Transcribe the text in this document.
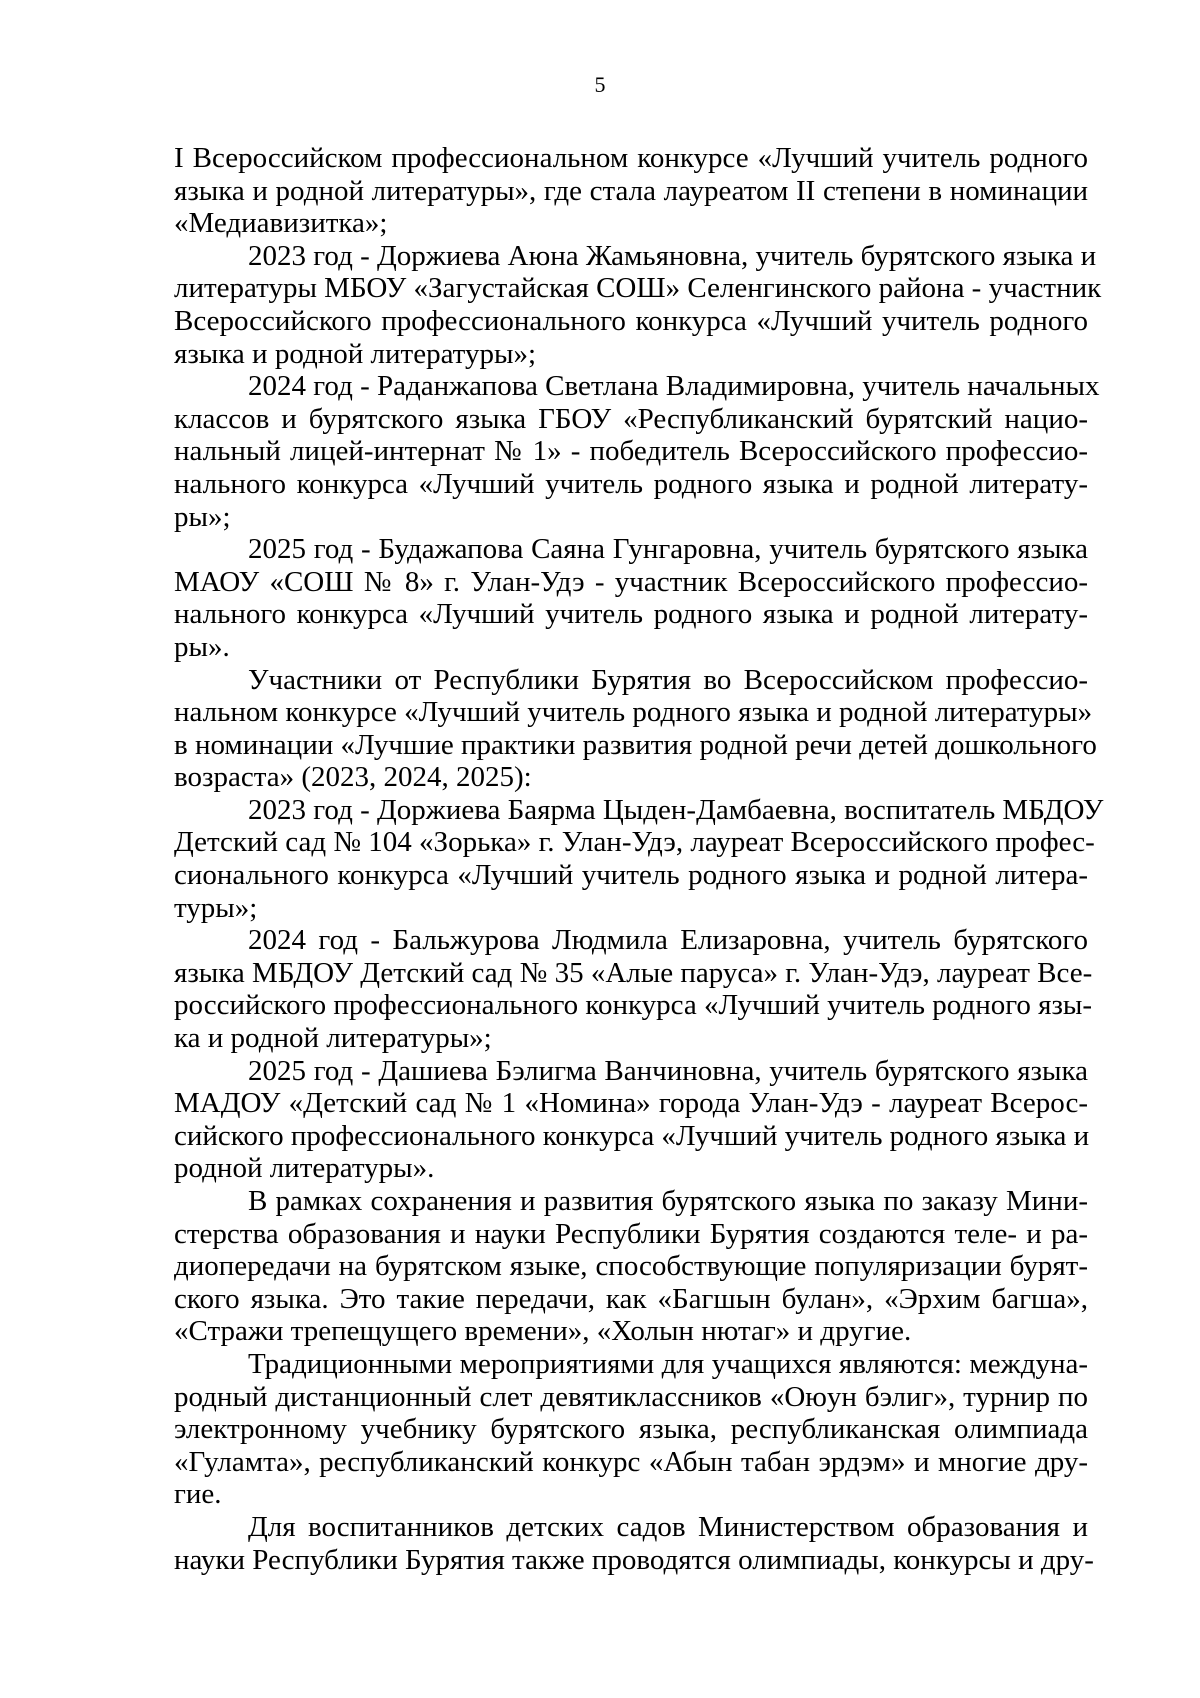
5
I Всероссийском профессиональном конкурсе «Лучший учитель родного
языка и родной литературы», где стала лауреатом II степени в номинации
«Медиавизитка»;
2023 год - Доржиева Аюна Жамьяновна, учитель бурятского языка и
литературы МБОУ «Загустайская СОШ» Селенгинского района - участник
Всероссийского профессионального конкурса «Лучший учитель родного
языка и родной литературы»;
2024 год - Раданжапова Светлана Владимировна, учитель начальных
классов и бурятского языка ГБОУ «Республиканский бурятский нацио-
нальный лицей-интернат № 1» - победитель Всероссийского профессио-
нального конкурса «Лучший учитель родного языка и родной литерату-
ры»;
2025 год - Будажапова Саяна Гунгаровна, учитель бурятского языка
МАОУ «СОШ № 8» г. Улан-Удэ - участник Всероссийского профессио-
нального конкурса «Лучший учитель родного языка и родной литерату-
ры».
Участники от Республики Бурятия во Всероссийском профессио-
нальном конкурсе «Лучший учитель родного языка и родной литературы»
в номинации «Лучшие практики развития родной речи детей дошкольного
возраста» (2023, 2024, 2025):
2023 год - Доржиева Баярма Цыден-Дамбаевна, воспитатель МБДОУ
Детский сад № 104 «Зорька» г. Улан-Удэ, лауреат Всероссийского профес-
сионального конкурса «Лучший учитель родного языка и родной литера-
туры»;
2024 год - Бальжурова Людмила Елизаровна, учитель бурятского
языка МБДОУ Детский сад № 35 «Алые паруса» г. Улан-Удэ, лауреат Все-
российского профессионального конкурса «Лучший учитель родного язы-
ка и родной литературы»;
2025 год - Дашиева Бэлигма Ванчиновна, учитель бурятского языка
МАДОУ «Детский сад № 1 «Номина» города Улан-Удэ - лауреат Всерос-
сийского профессионального конкурса «Лучший учитель родного языка и
родной литературы».
В рамках сохранения и развития бурятского языка по заказу Мини-
стерства образования и науки Республики Бурятия создаются теле- и ра-
диопередачи на бурятском языке, способствующие популяризации бурят-
ского языка. Это такие передачи, как «Багшын булан», «Эрхим багша»,
«Стражи трепещущего времени», «Холын нютаг» и другие.
Традиционными мероприятиями для учащихся являются: междуна-
родный дистанционный слет девятиклассников «Оюун бэлиг», турнир по
электронному учебнику бурятского языка, республиканская олимпиада
«Гуламта», республиканский конкурс «Абын табан эрдэм» и многие дру-
гие.
Для воспитанников детских садов Министерством образования и
науки Республики Бурятия также проводятся олимпиады, конкурсы и дру-
